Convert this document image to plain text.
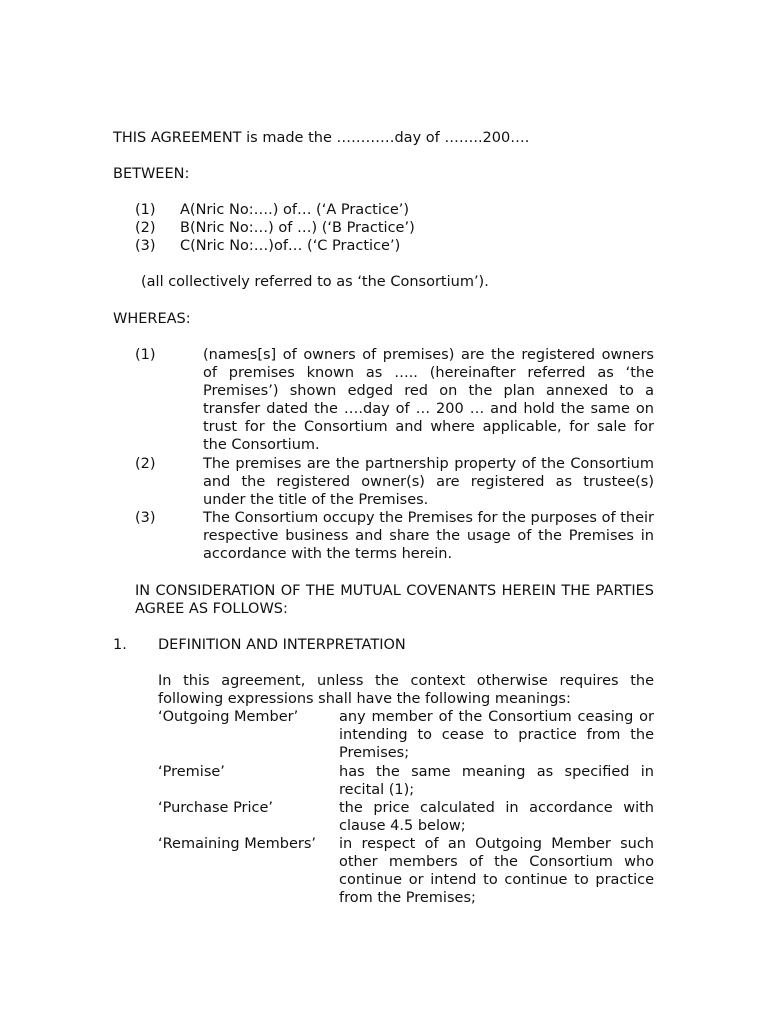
THIS AGREEMENT is made the …………day of ……..200….
BETWEEN:
(1) A(Nric No:….) of… (‘A Practice’)
(2) B(Nric No:…) of …) (‘B Practice’)
(3) C(Nric No:…)of… (‘C Practice’)
(all collectively referred to as ‘the Consortium’).
WHEREAS:
(1)	(names[s] of owners of premises) are the registered owners of premises known as ….. (hereinafter referred as ‘the Premises’) shown edged red on the plan annexed to a transfer dated the ….day of … 200 … and hold the same on trust for the Consortium and where applicable, for sale for the Consortium.

(2)	The premises are the partnership property of the Consortium and the registered owner(s) are registered as trustee(s) under the title of the Premises.

(3)	The Consortium occupy the Premises for the purposes of their respective business and share the usage of the Premises in accordance with the terms herein.

IN CONSIDERATION OF THE MUTUAL COVENANTS HEREIN THE PARTIES AGREE AS FOLLOWS:

1. DEFINITION AND INTERPRETATION

In this agreement, unless the context otherwise requires the following expressions shall have the following meanings:

‘Outgoing Member’	any member of the Consortium ceasing or intending to cease to practice from the Premises;

‘Premise’	has the same meaning as specified in recital (1);

‘Purchase Price’	the price calculated in accordance with clause 4.5 below;

‘Remaining Members’ in respect of an Outgoing Member such other members of the Consortium who continue or intend to continue to practice from the Premises;
